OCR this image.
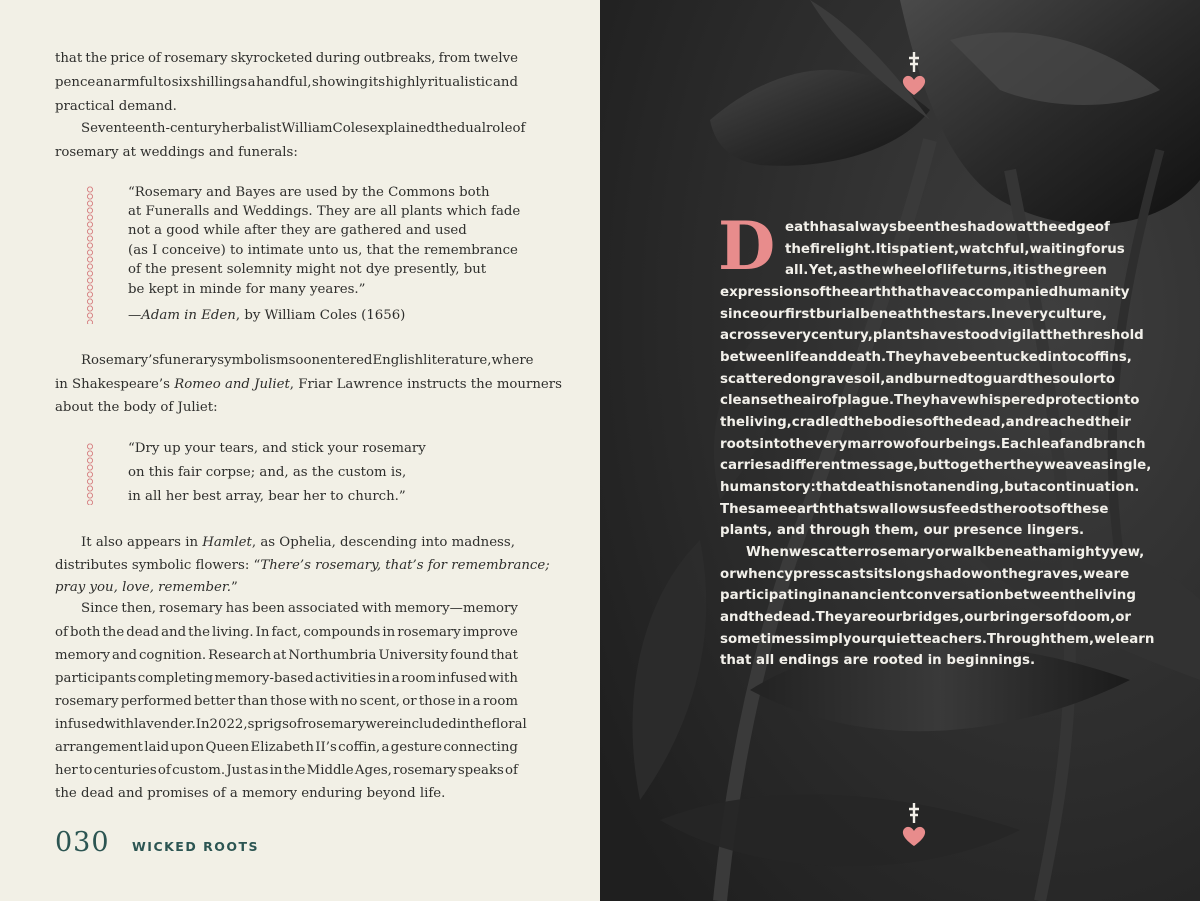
that the price of rosemary skyrocketed during outbreaks, from twelve
pence an armful to six shillings a handful, showing its highly ritualistic and
practical demand.
Seventeenth-century herbalist William Coles explained the dual role of
rosemary at weddings and funerals:
“Rosemary and Bayes are used by the Commons both
at Funeralls and Weddings. They are all plants which fade
not a good while after they are gathered and used
(as I conceive) to intimate unto us, that the remembrance
of the present solemnity might not dye presently, but
be kept in minde for many yeares.”
—Adam in Eden, by William Coles (1656)
Rosemary’s funerary symbolism soon entered English literature, where
in Shakespeare’s Romeo and Juliet, Friar Lawrence instructs the mourners
about the body of Juliet:
“Dry up your tears, and stick your rosemary
on this fair corpse; and, as the custom is,
in all her best array, bear her to church.”
It also appears in Hamlet, as Ophelia, descending into madness,
distributes symbolic flowers: “There’s rosemary, that’s for remembrance;
pray you, love, remember.”
Since then, rosemary has been associated with memory—memory
of both the dead and the living. In fact, compounds in rosemary improve
memory and cognition. Research at Northumbria University found that
participants completing memory-based activities in a room infused with
rosemary performed better than those with no scent, or those in a room
infused with lavender. In 2022, sprigs of rosemary were included in the floral
arrangement laid upon Queen Elizabeth II’s coffin, a gesture connecting
her to centuries of custom. Just as in the Middle Ages, rosemary speaks of
the dead and promises of a memory enduring beyond life.
030 WICKED ROOTS
D eath has always been the shadow at the edge of
the firelight. It is patient, watchful, waiting for us
all. Yet, as the wheel of life turns, it is the green
expressions of the earth that have accompanied humanity
since our first burial beneath the stars. In every culture,
across every century, plants have stood vigil at the threshold
between life and death. They have been tucked into coffins,
scattered on grave soil, and burned to guard the soul or to
cleanse the air of plague. They have whispered protection to
the living, cradled the bodies of the dead, and reached their
roots into the very marrow of our beings. Each leaf and branch
carries a different message, but together they weave a single,
human story: that death is not an ending, but a continuation.
The same earth that swallows us feeds the roots of these
plants, and through them, our presence lingers.
When we scatter rosemary or walk beneath a mighty yew,
or when cypress casts its long shadow on the graves, we are
participating in an ancient conversation between the living
and the dead. They are our bridges, our bringers of doom, or
sometimes simply our quiet teachers. Through them, we learn
that all endings are rooted in beginnings.
